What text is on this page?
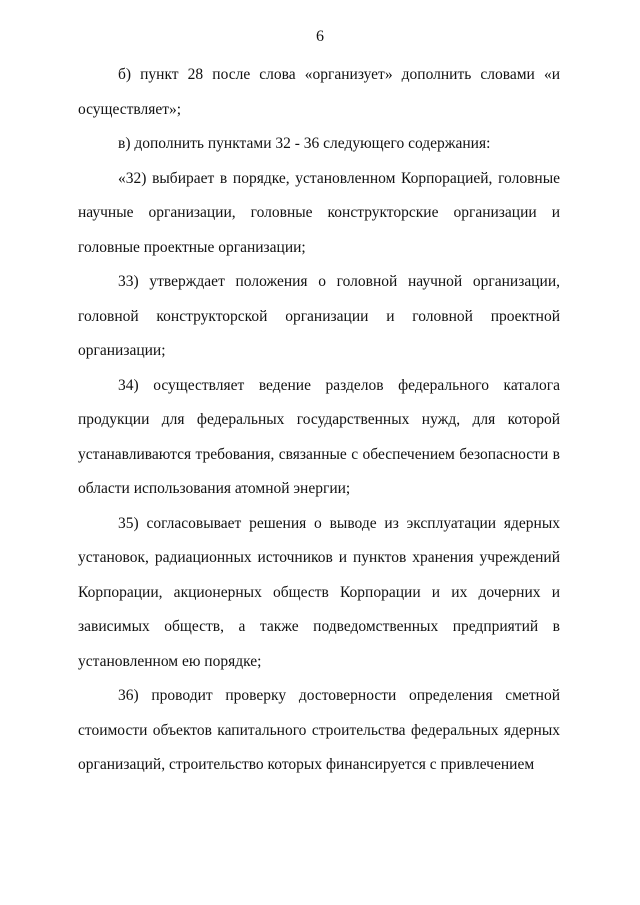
6

б) пункт 28 после слова «организует» дополнить словами «и осуществляет»;

в) дополнить пунктами 32 - 36 следующего содержания:

«32) выбирает в порядке, установленном Корпорацией, головные научные организации, головные конструкторские организации и головные проектные организации;

33) утверждает положения о головной научной организации, головной конструкторской организации и головной проектной организации;

34) осуществляет ведение разделов федерального каталога продукции для федеральных государственных нужд, для которой устанавливаются требования, связанные с обеспечением безопасности в области использования атомной энергии;

35) согласовывает решения о выводе из эксплуатации ядерных установок, радиационных источников и пунктов хранения учреждений Корпорации, акционерных обществ Корпорации и их дочерних и зависимых обществ, а также подведомственных предприятий в установленном ею порядке;

36) проводит проверку достоверности определения сметной стоимости объектов капитального строительства федеральных ядерных организаций, строительство которых финансируется с привлечением
